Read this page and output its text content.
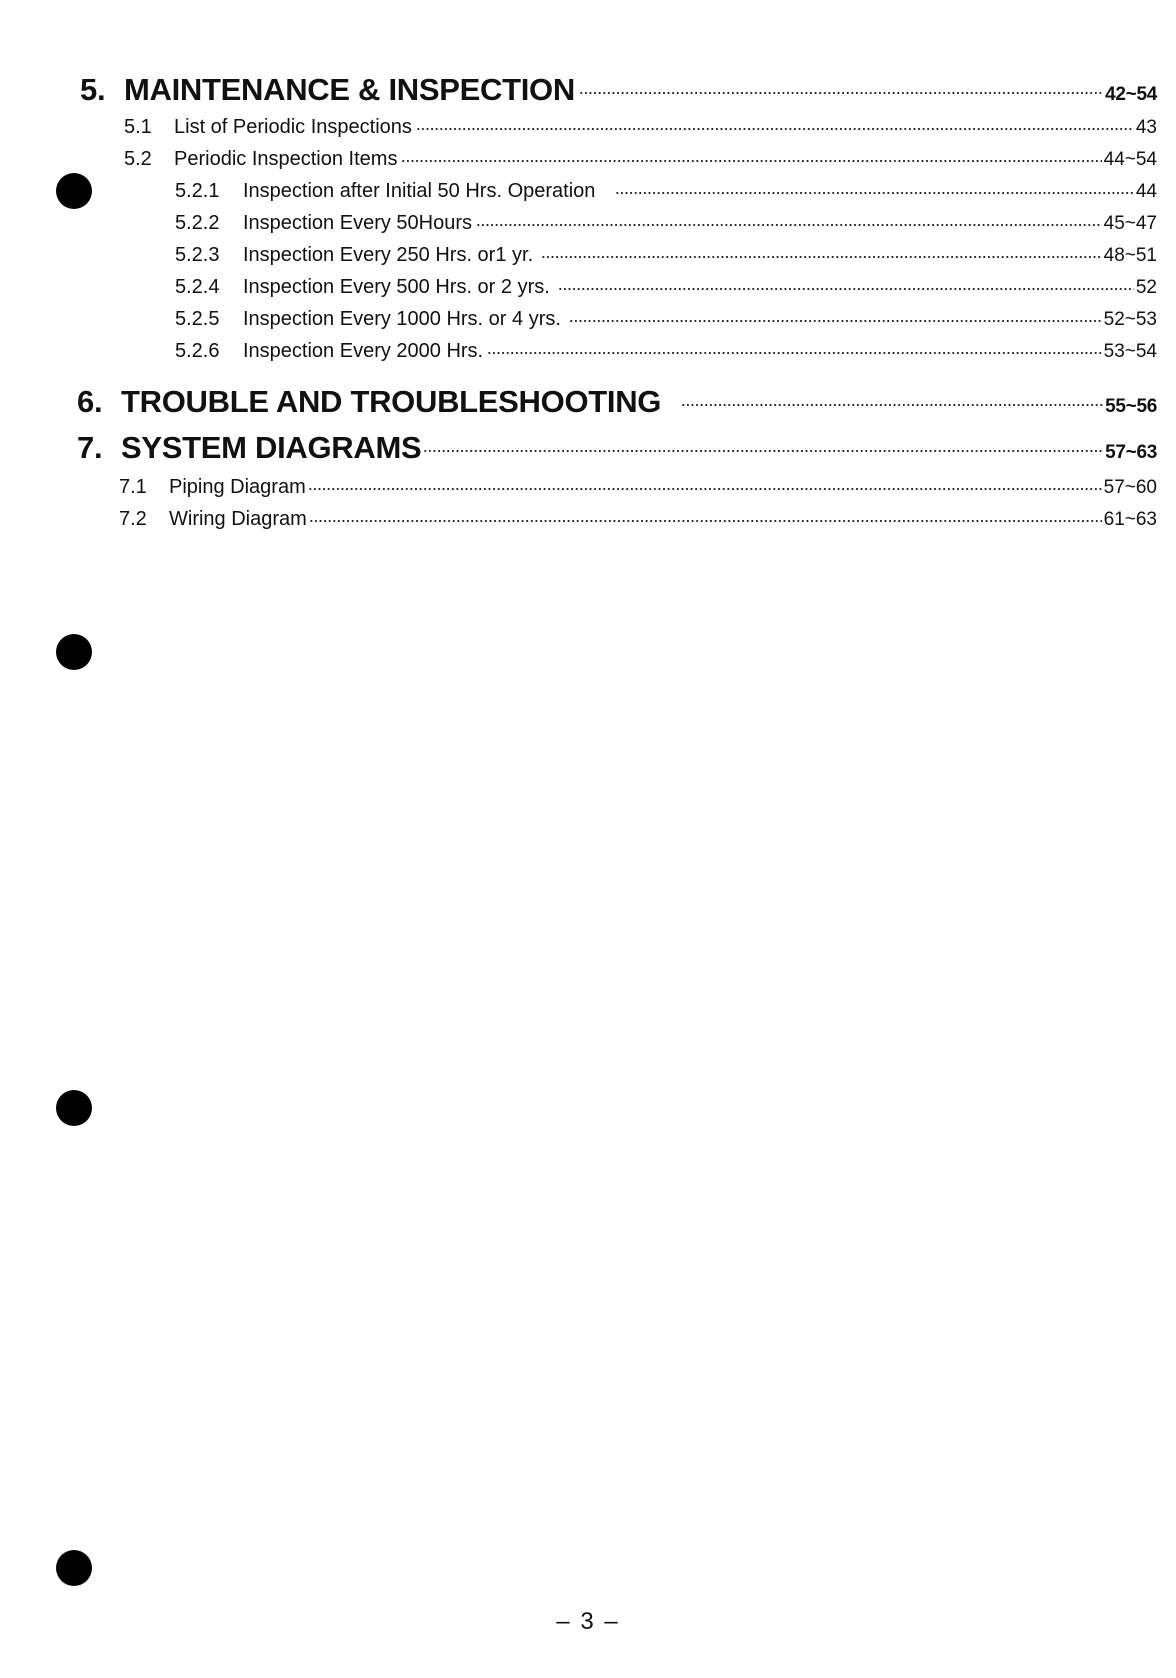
5. MAINTENANCE & INSPECTION	42~54
5.1	List of Periodic Inspections	43
5.2	Periodic Inspection Items	44~54
5.2.1	Inspection after Initial 50 Hrs. Operation	44
5.2.2	Inspection Every 50Hours	45~47
5.2.3	Inspection Every 250 Hrs. or1 yr.	48~51
5.2.4	Inspection Every 500 Hrs. or 2 yrs.	52
5.2.5	Inspection Every 1000 Hrs. or 4 yrs.	52~53
5.2.6	Inspection Every 2000 Hrs.	53~54
6. TROUBLE AND TROUBLESHOOTING	55~56
7. SYSTEM DIAGRAMS	57~63
7.1	Piping Diagram	57~60
7.2	Wiring Diagram	61~63
– 3 –
